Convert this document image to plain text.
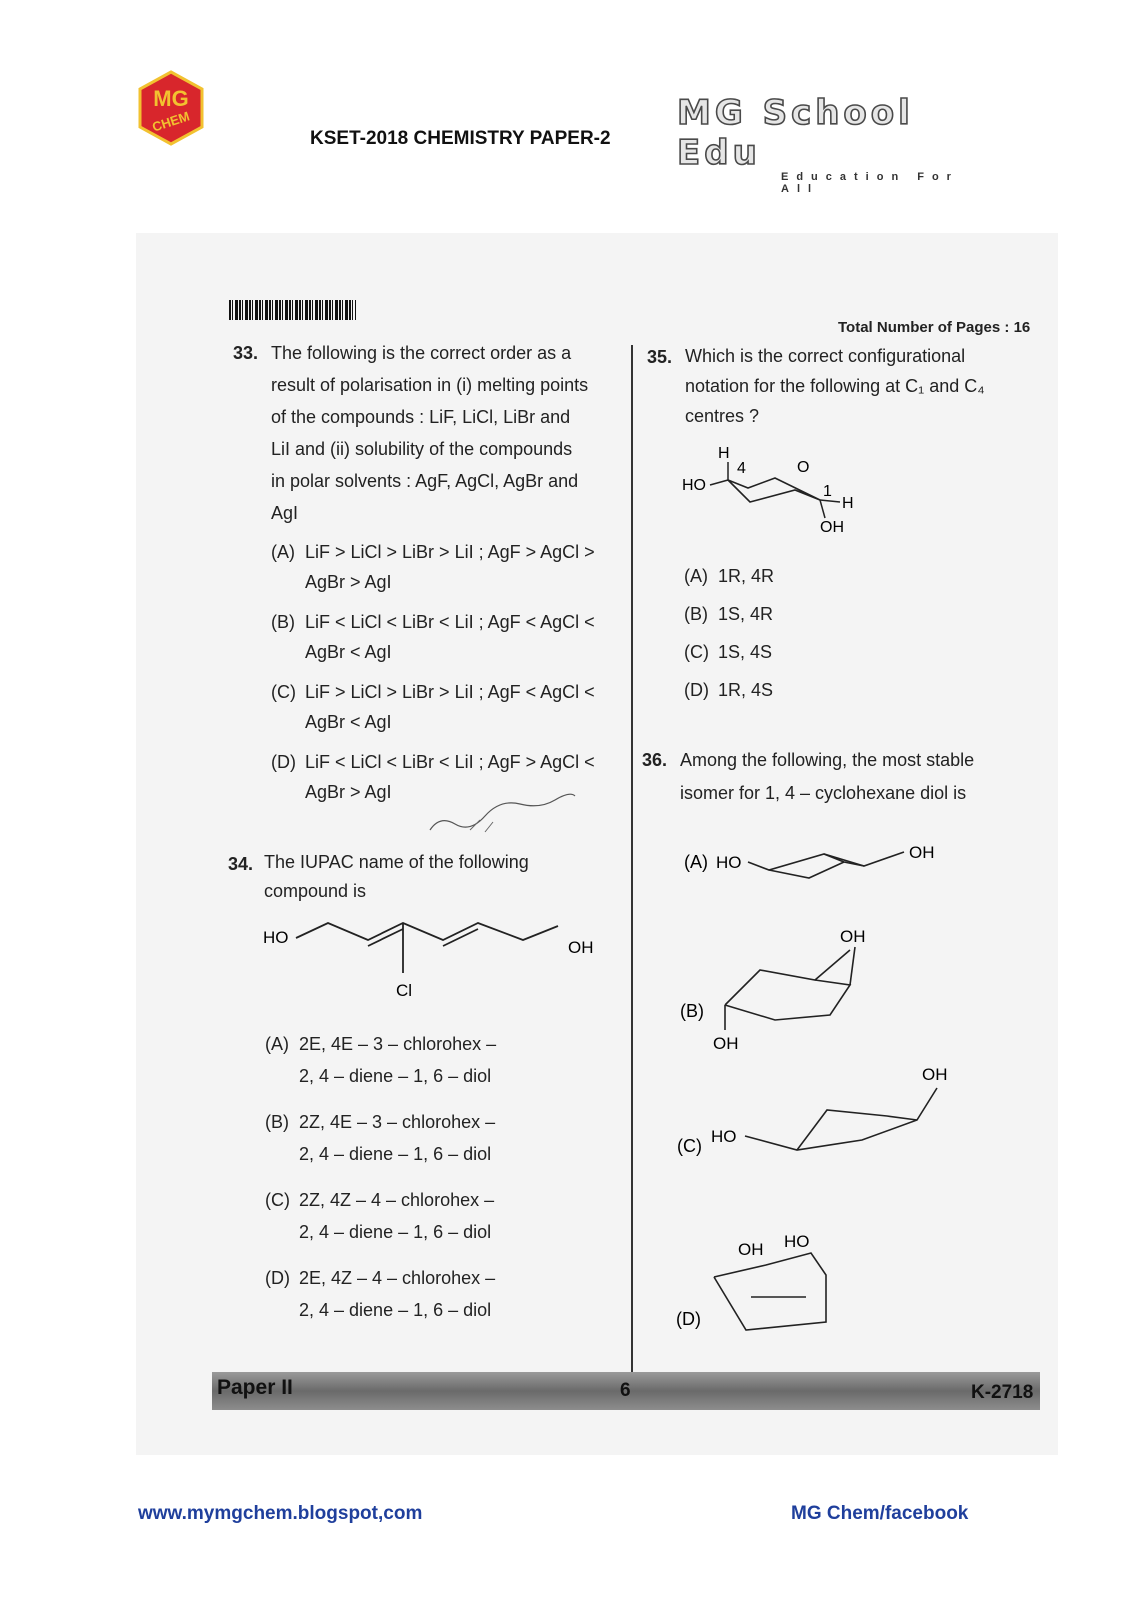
MG
CHEM
KSET-2018 CHEMISTRY PAPER-2
MG School Edu
Education For All
Total Number of Pages : 16
33. The following is the correct order as a
result of polarisation in (i) melting points
of the compounds : LiF, LiCl, LiBr and
LiI and (ii) solubility of the compounds
in polar solvents : AgF, AgCl, AgBr and
AgI
(A) LiF > LiCl > LiBr > LiI ; AgF > AgCl >
AgBr > AgI
(B) LiF < LiCl < LiBr < LiI ; AgF < AgCl <
AgBr < AgI
(C) LiF > LiCl > LiBr > LiI ; AgF < AgCl <
AgBr < AgI
(D) LiF < LiCl < LiBr < LiI ; AgF > AgCl <
AgBr > AgI
34. The IUPAC name of the following
compound is
HO
OH
Cl
(A) 2E, 4E – 3 – chlorohex –
2, 4 – diene – 1, 6 – diol
(B) 2Z, 4E – 3 – chlorohex –
2, 4 – diene – 1, 6 – diol
(C) 2Z, 4Z – 4 – chlorohex –
2, 4 – diene – 1, 6 – diol
(D) 2E, 4Z – 4 – chlorohex –
2, 4 – diene – 1, 6 – diol
35. Which is the correct configurational
notation for the following at C₁ and C₄
centres ?
H
4	O
HO	1
H
OH
(A) 1R, 4R
(B) 1S, 4R
(C) 1S, 4S
(D) 1R, 4S
36. Among the following, the most stable
isomer for 1, 4 – cyclohexane diol is
(A) HO
OH
OH
(B)
OH
OH
HO
(C)
OH HO
(D)
Paper II	6	K-2718
www.mymgchem.blogspot,com	MG Chem/facebook
